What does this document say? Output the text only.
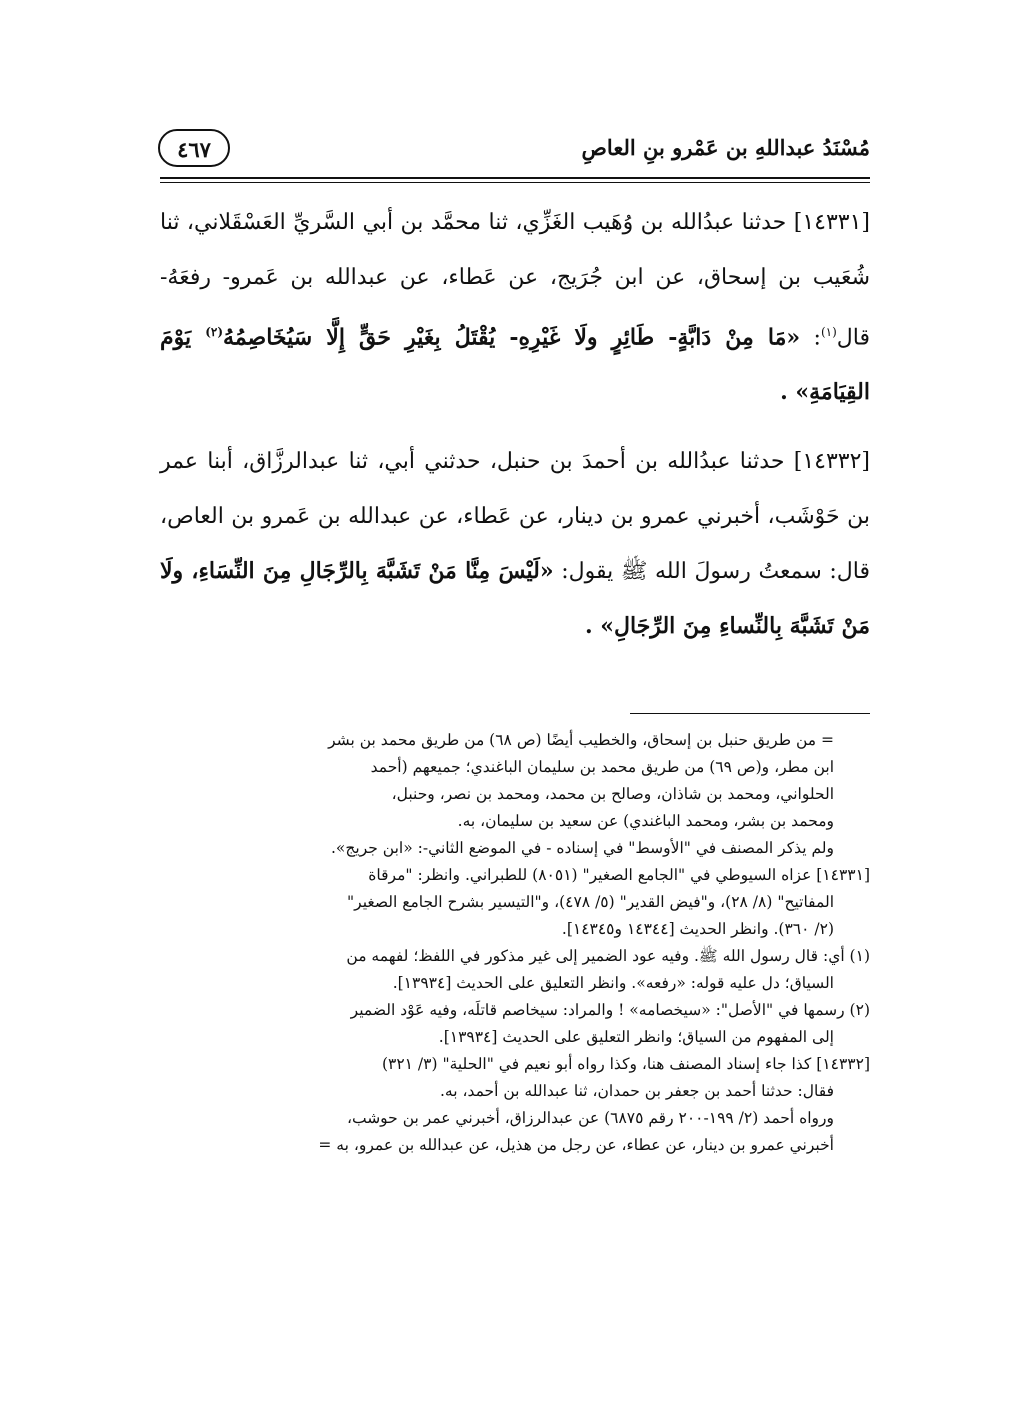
مُسْنَدُ عبداللهِ بن عَمْرو بنِ العاصِ
٤٦٧

[١٤٣٣١] حدثنا عبدُالله بن وُهَيب الغَزِّي، ثنا محمَّد بن أبي السَّريِّ العَسْقَلاني، ثنا شُعَيب بن إسحاق، عن ابن جُرَيج، عن عَطاء، عن عبدالله بن عَمرو- رفعَهُ- قال$^{(١)}$: «مَا مِنْ دَابَّةٍ- طَائِرٍ ولَا غَيْرِهِ- يُقْتَلُ بِغَيْرِ حَقٍّ إِلَّا سَيُخَاصِمُهُ$^{(٢)}$ يَوْمَ القِيَامَةِ» .

[١٤٣٣٢] حدثنا عبدُالله بن أحمدَ بن حنبل، حدثني أبي، ثنا عبدالرزَّاق، أبنا عمر بن حَوْشَب، أخبرني عمرو بن دينار، عن عَطاء، عن عبدالله بن عَمرو بن العاص، قال: سمعتُ رسولَ الله ﷺ يقول: «لَيْسَ مِنَّا مَنْ تَشَبَّهَ بِالرِّجَالِ مِنَ النِّسَاءِ، ولَا مَنْ تَشَبَّهَ بِالنِّساءِ مِنَ الرِّجَالِ» .

= من طريق حنبل بن إسحاق، والخطيب أيضًا (ص ٦٨) من طريق محمد بن بشر
ابن مطر، و(ص ٦٩) من طريق محمد بن سليمان الباغندي؛ جميعهم (أحمد
الحلواني، ومحمد بن شاذان، وصالح بن محمد، ومحمد بن نصر، وحنبل،
ومحمد بن بشر، ومحمد الباغندي) عن سعيد بن سليمان، به.
ولم يذكر المصنف في "الأوسط" في إسناده - في الموضع الثاني-: «ابن جريج».
[١٤٣٣١] عزاه السيوطي في "الجامع الصغير" (٨٠٥١) للطبراني. وانظر: "مرقاة
المفاتيح" (٨/ ٢٨)، و"فيض القدير" (٥/ ٤٧٨)، و"التيسير بشرح الجامع الصغير"
(٢/ ٣٦٠). وانظر الحديث [١٤٣٤٤ و١٤٣٤٥].
(١) أي: قال رسول الله ﷺ. وفيه عود الضمير إلى غير مذكور في اللفظ؛ لفهمه من
السياق؛ دل عليه قوله: «رفعه». وانظر التعليق على الحديث [١٣٩٣٤].
(٢) رسمها في "الأصل": «سيخصامه» ! والمراد: سيخاصم قاتلَه، وفيه عَوْد الضمير
إلى المفهوم من السياق؛ وانظر التعليق على الحديث [١٣٩٣٤].
[١٤٣٣٢] كذا جاء إسناد المصنف هنا، وكذا رواه أبو نعيم في "الحلية" (٣/ ٣٢١)
فقال: حدثنا أحمد بن جعفر بن حمدان، ثنا عبدالله بن أحمد، به.
ورواه أحمد (٢/ ١٩٩-٢٠٠ رقم ٦٨٧٥) عن عبدالرزاق، أخبرني عمر بن حوشب،
أخبرني عمرو بن دينار، عن عطاء، عن رجل من هذيل، عن عبدالله بن عمرو، به =
